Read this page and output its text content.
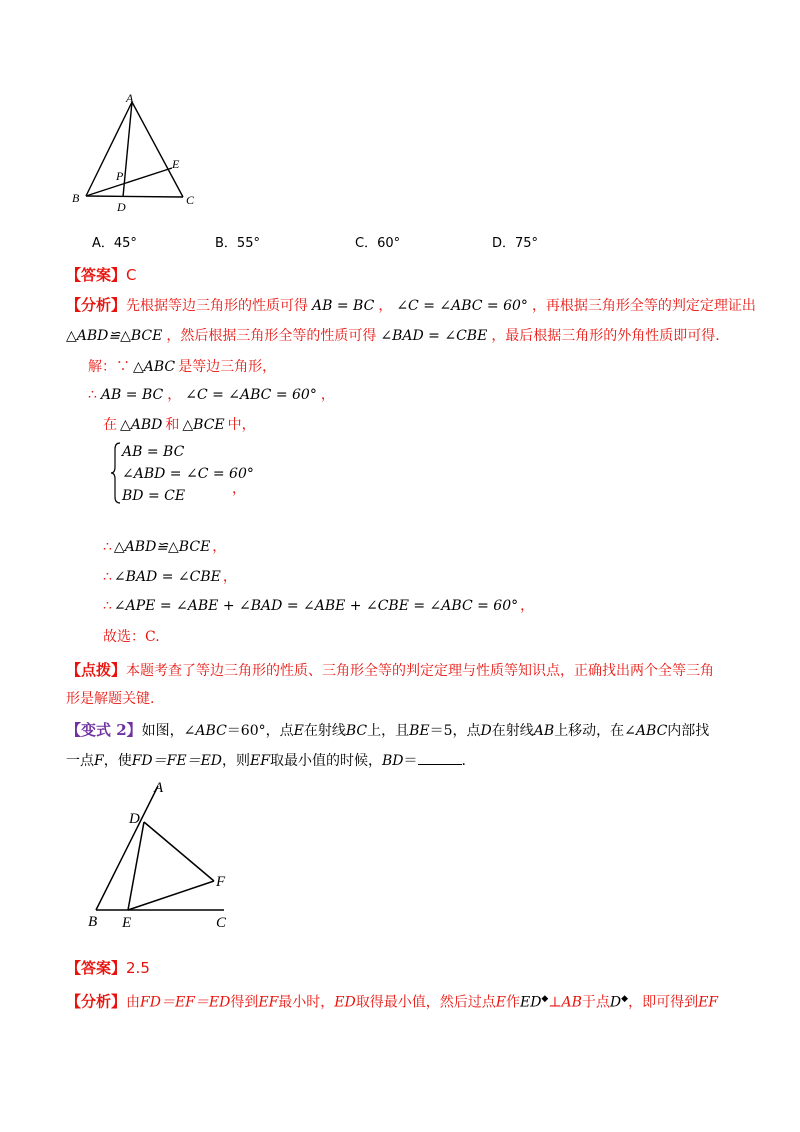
A
B	C
D
E
P
A．45°	B．55°	C．60°	D．75°
【答案】C
【分析】先根据等边三角形的性质可得 AB = BC ， ∠C = ∠ABC = 60° ，再根据三角形全等的判定定理证出
△ABD≌△BCE ，然后根据三角形全等的性质可得 ∠BAD = ∠CBE ，最后根据三角形的外角性质即可得.
解：∵ △ABC 是等边三角形，
∴ AB = BC ， ∠C = ∠ABC = 60° ，
在 △ABD 和 △BCE 中，
AB = BC
∠ABD = ∠C = 60°
BD = CE	，
∴ △ABD≌△BCE ，
∴ ∠BAD = ∠CBE ，
∴ ∠APE = ∠ABE + ∠BAD = ∠ABE + ∠CBE = ∠ABC = 60° ，
故选：C.
【点拨】本题考查了等边三角形的性质、三角形全等的判定定理与性质等知识点，正确找出两个全等三角
形是解题关键.
【变式 2】如图，∠ABC＝60°，点E在射线BC上，且BE＝5，点D在射线AB上移动，在∠ABC内部找
一点F，使FD＝FE＝ED，则EF取最小值的时候，BD＝	.
A
D
F
B E	C
【答案】2.5
【分析】由FD＝EF＝ED得到EF最小时，ED取得最小值，然后过点E作ED◆⊥AB于点D◆，即可得到EF
